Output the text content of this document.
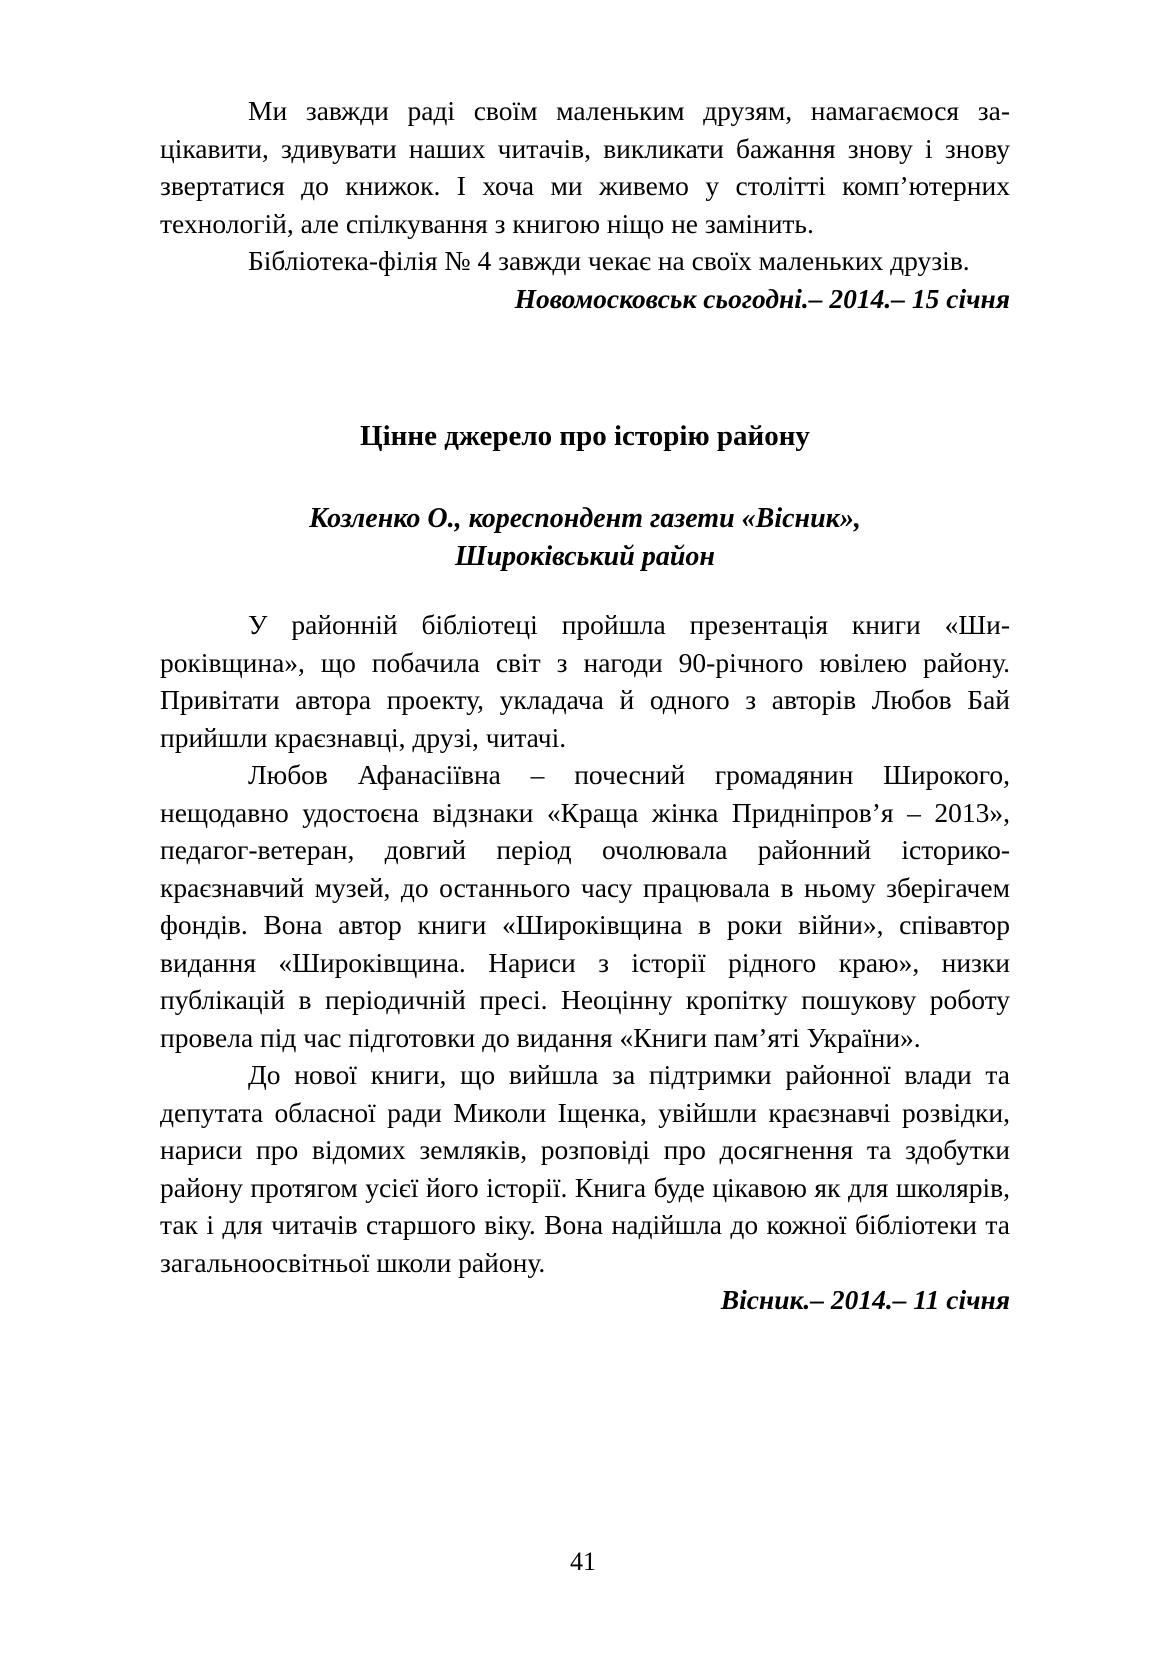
Ми завжди раді своїм маленьким друзям, намагаємося зацікавити, здивувати наших читачів, викликати бажання знову і знову звертатися до книжок. І хоча ми живемо у столітті комп’ютерних технологій, але спілкування з книгою ніщо не замінить.

Бібліотека-філія № 4 завжди чекає на своїх маленьких друзів.

Новомосковськ сьогодні.– 2014.– 15 січня

Цінне джерело про історію району
Козленко О., кореспондент газети «Вісник»,
Широківський район

У районній бібліотеці пройшла презентація книги «Широківщина», що побачила світ з нагоди 90-річного ювілею району. Привітати автора проекту, укладача й одного з авторів Любов Бай прийшли краєзнавці, друзі, читачі.

Любов Афанасіївна – почесний громадянин Широкого, нещодавно удостоєна відзнаки «Краща жінка Придніпров’я – 2013», педагог-ветеран, довгий період очолювала районний історико-краєзнавчий музей, до останнього часу працювала в ньому зберігачем фондів. Вона автор книги «Широківщина в роки війни», співавтор видання «Широківщина. Нариси з історії рідного краю», низки публікацій в періодичній пресі. Неоцінну кропітку пошукову роботу провела під час підготовки до видання «Книги пам’яті України».

До нової книги, що вийшла за підтримки районної влади та депутата обласної ради Миколи Іщенка, увійшли краєзнавчі розвідки, нариси про відомих земляків, розповіді про досягнення та здобутки району протягом усієї його історії. Книга буде цікавою як для школярів, так і для читачів старшого віку. Вона надійшла до кожної бібліотеки та загальноосвітньої школи району.

Вісник.– 2014.– 11 січня

41
